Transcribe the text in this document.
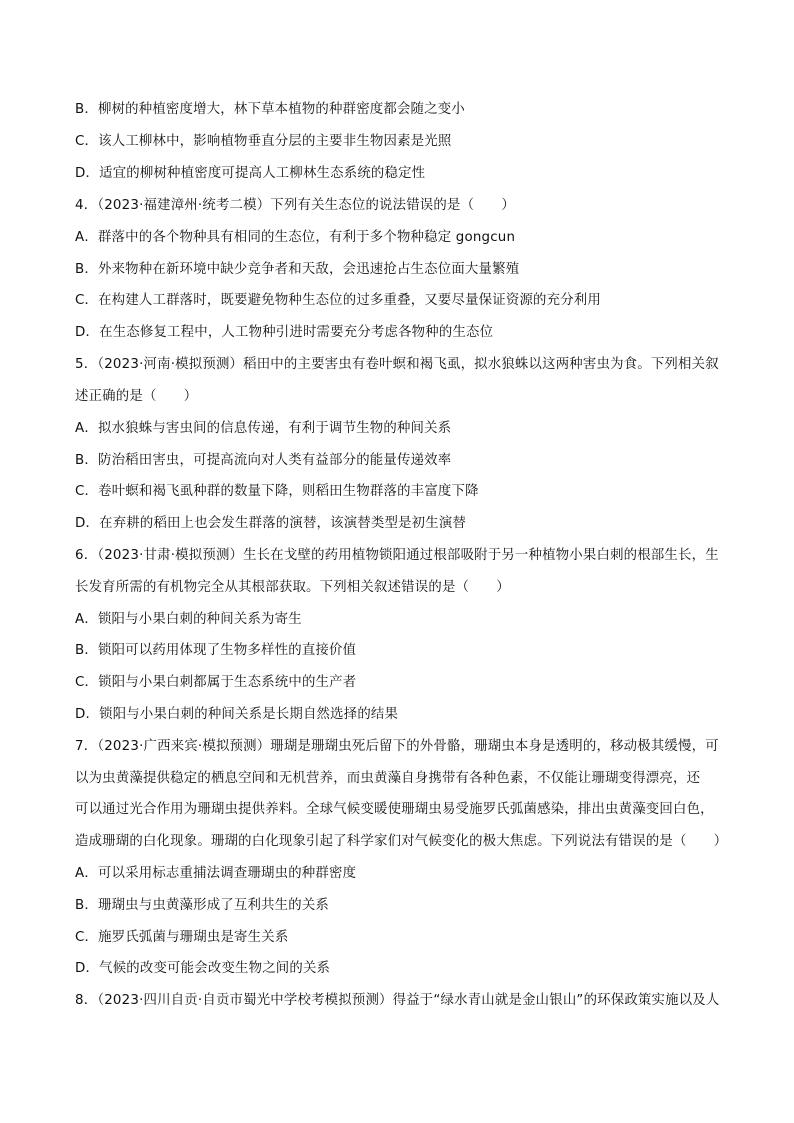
B．柳树的种植密度增大，林下草本植物的种群密度都会随之变小
C．该人工柳林中，影响植物垂直分层的主要非生物因素是光照
D．适宜的柳树种植密度可提高人工柳林生态系统的稳定性
4．（2023·福建漳州·统考二模）下列有关生态位的说法错误的是（　　）
A．群落中的各个物种具有相同的生态位，有利于多个物种稳定 gongcun
B．外来物种在新环境中缺少竞争者和天敌，会迅速抢占生态位面大量繁殖
C．在构建人工群落时，既要避免物种生态位的过多重叠，又要尽量保证资源的充分利用
D．在生态修复工程中，人工物种引进时需要充分考虑各物种的生态位
5．（2023·河南·模拟预测）稻田中的主要害虫有卷叶螟和褐飞虱，拟水狼蛛以这两种害虫为食。下列相关叙
述正确的是（　　）
A．拟水狼蛛与害虫间的信息传递，有利于调节生物的种间关系
B．防治稻田害虫，可提高流向对人类有益部分的能量传递效率
C．卷叶螟和褐飞虱种群的数量下降，则稻田生物群落的丰富度下降
D．在弃耕的稻田上也会发生群落的演替，该演替类型是初生演替
6．（2023·甘肃·模拟预测）生长在戈壁的药用植物锁阳通过根部吸附于另一种植物小果白刺的根部生长，生
长发育所需的有机物完全从其根部获取。下列相关叙述错误的是（　　）
A．锁阳与小果白刺的种间关系为寄生
B．锁阳可以药用体现了生物多样性的直接价值
C．锁阳与小果白刺都属于生态系统中的生产者
D．锁阳与小果白刺的种间关系是长期自然选择的结果
7．（2023·广西来宾·模拟预测）珊瑚是珊瑚虫死后留下的外骨骼，珊瑚虫本身是透明的，移动极其缓慢，可
以为虫黄藻提供稳定的栖息空间和无机营养，而虫黄藻自身携带有各种色素，不仅能让珊瑚变得漂亮，还
可以通过光合作用为珊瑚虫提供养料。全球气候变暖使珊瑚虫易受施罗氏弧菌感染，排出虫黄藻变回白色，
造成珊瑚的白化现象。珊瑚的白化现象引起了科学家们对气候变化的极大焦虑。下列说法有错误的是（　　）
A．可以采用标志重捕法调查珊瑚虫的种群密度
B．珊瑚虫与虫黄藻形成了互利共生的关系
C．施罗氏弧菌与珊瑚虫是寄生关系
D．气候的改变可能会改变生物之间的关系
8．（2023·四川自贡·自贡市蜀光中学校考模拟预测）得益于“绿水青山就是金山银山”的环保政策实施以及人
